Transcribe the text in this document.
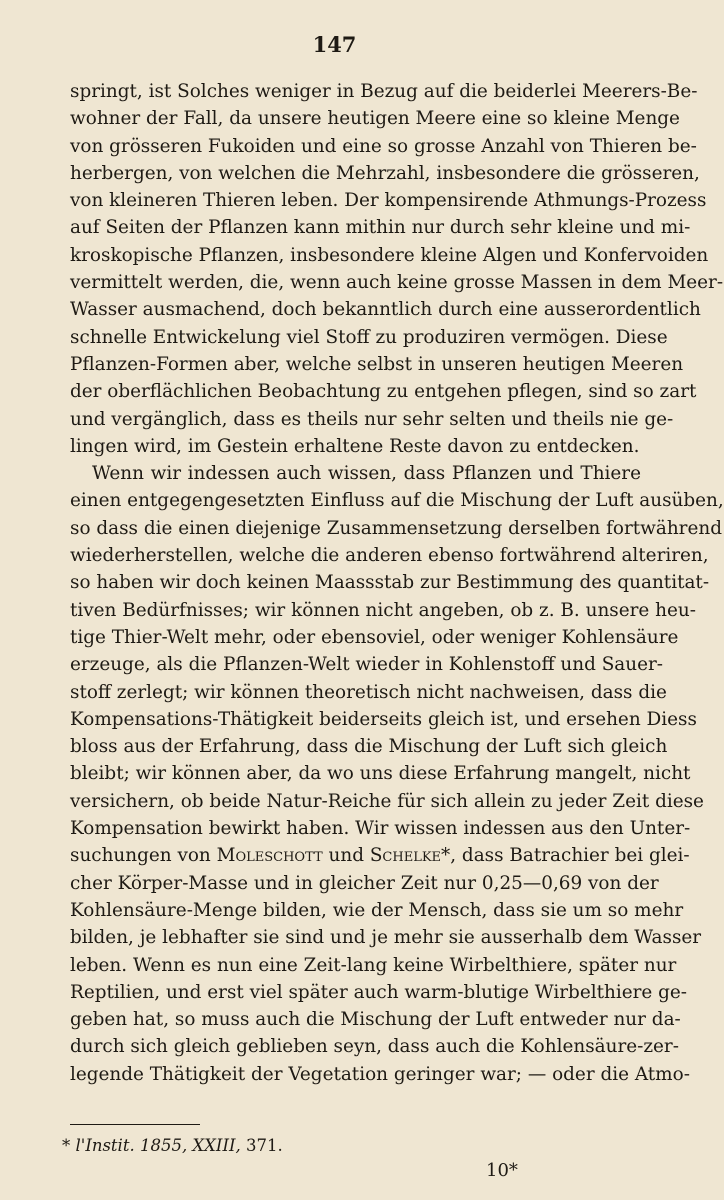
147
springt, ist Solches weniger in Bezug auf die beiderlei Meerers-Be-
wohner der Fall, da unsere heutigen Meere eine so kleine Menge
von grösseren Fukoiden und eine so grosse Anzahl von Thieren be-
herbergen, von welchen die Mehrzahl, insbesondere die grösseren,
von kleineren Thieren leben. Der kompensirende Athmungs-Prozess
auf Seiten der Pflanzen kann mithin nur durch sehr kleine und mi-
kroskopische Pflanzen, insbesondere kleine Algen und Konfervoiden
vermittelt werden, die, wenn auch keine grosse Massen in dem Meer-
Wasser ausmachend, doch bekanntlich durch eine ausserordentlich
schnelle Entwickelung viel Stoff zu produziren vermögen. Diese
Pflanzen-Formen aber, welche selbst in unseren heutigen Meeren
der oberflächlichen Beobachtung zu entgehen pflegen, sind so zart
und vergänglich, dass es theils nur sehr selten und theils nie ge-
lingen wird, im Gestein erhaltene Reste davon zu entdecken.
Wenn wir indessen auch wissen, dass Pflanzen und Thiere
einen entgegengesetzten Einfluss auf die Mischung der Luft ausüben,
so dass die einen diejenige Zusammensetzung derselben fortwährend
wiederherstellen, welche die anderen ebenso fortwährend alteriren,
so haben wir doch keinen Maassstab zur Bestimmung des quantitat-
tiven Bedürfnisses; wir können nicht angeben, ob z. B. unsere heu-
tige Thier-Welt mehr, oder ebensoviel, oder weniger Kohlensäure
erzeuge, als die Pflanzen-Welt wieder in Kohlenstoff und Sauer-
stoff zerlegt; wir können theoretisch nicht nachweisen, dass die
Kompensations-Thätigkeit beiderseits gleich ist, und ersehen Diess
bloss aus der Erfahrung, dass die Mischung der Luft sich gleich
bleibt; wir können aber, da wo uns diese Erfahrung mangelt, nicht
versichern, ob beide Natur-Reiche für sich allein zu jeder Zeit diese
Kompensation bewirkt haben. Wir wissen indessen aus den Unter-
suchungen von Moleschott und Schelke*, dass Batrachier bei glei-
cher Körper-Masse und in gleicher Zeit nur 0,25—0,69 von der
Kohlensäure-Menge bilden, wie der Mensch, dass sie um so mehr
bilden, je lebhafter sie sind und je mehr sie ausserhalb dem Wasser
leben. Wenn es nun eine Zeit-lang keine Wirbelthiere, später nur
Reptilien, und erst viel später auch warm-blutige Wirbelthiere ge-
geben hat, so muss auch die Mischung der Luft entweder nur da-
durch sich gleich geblieben seyn, dass auch die Kohlensäure-zer-
legende Thätigkeit der Vegetation geringer war; — oder die Atmo-
* l'Instit. 1855, XXIII, 371.
10*
